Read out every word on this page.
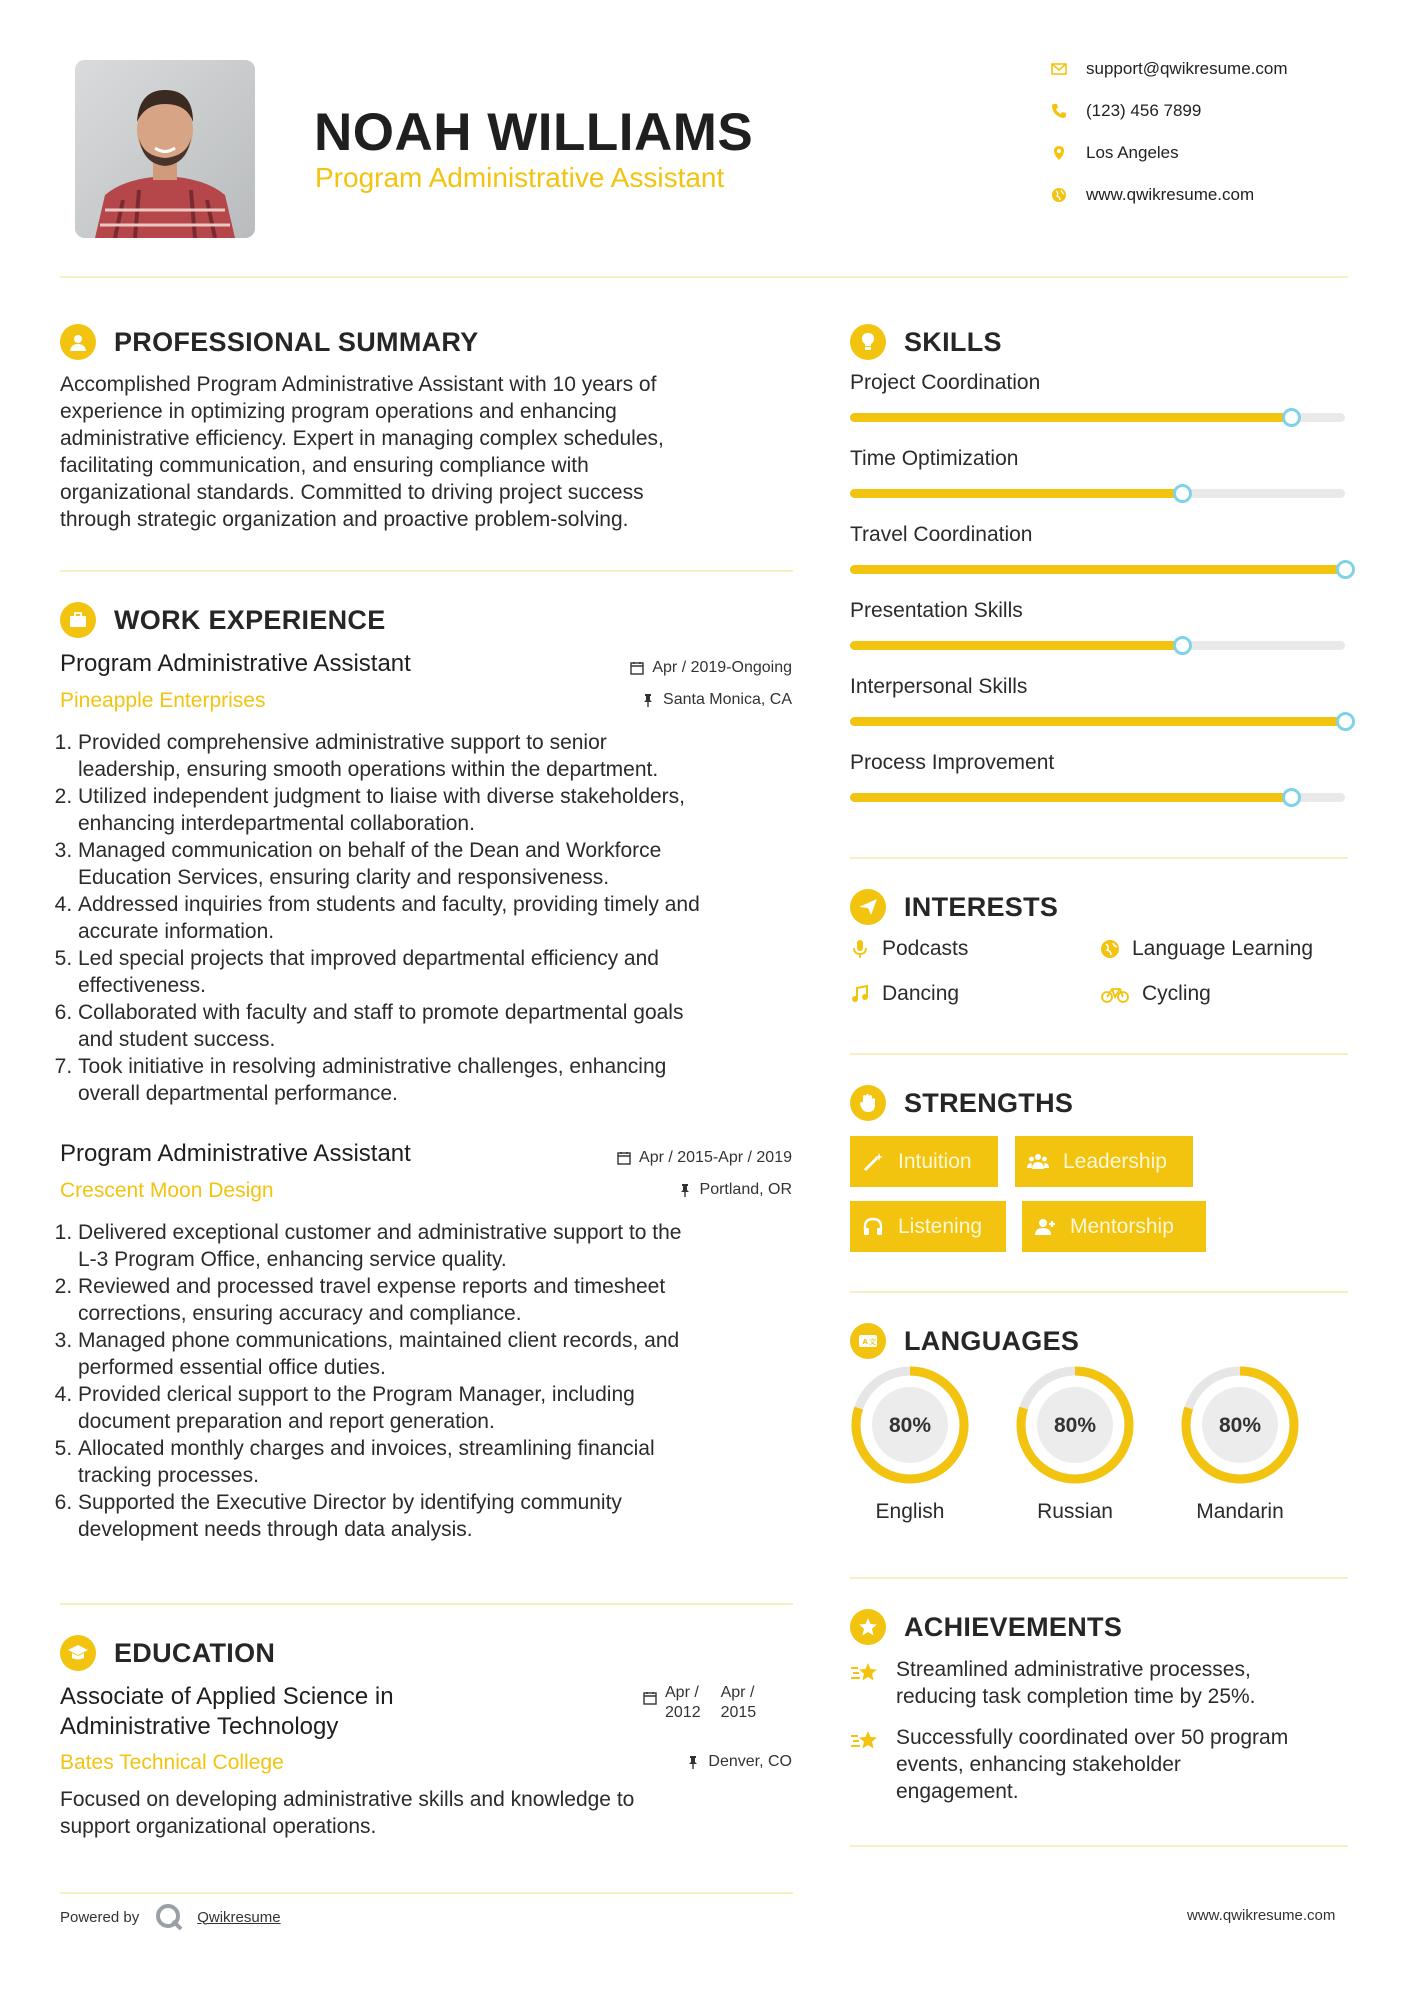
NOAH WILLIAMS
Program Administrative Assistant
support@qwikresume.com
(123) 456 7899
Los Angeles
www.qwikresume.com
PROFESSIONAL SUMMARY
Accomplished Program Administrative Assistant with 10 years of
experience in optimizing program operations and enhancing
administrative efficiency. Expert in managing complex schedules,
facilitating communication, and ensuring compliance with
organizational standards. Committed to driving project success
through strategic organization and proactive problem-solving.
WORK EXPERIENCE
Program Administrative Assistant
Pineapple Enterprises
Apr / 2019-Ongoing
Santa Monica, CA
1. Provided comprehensive administrative support to senior
leadership, ensuring smooth operations within the department.
2. Utilized independent judgment to liaise with diverse stakeholders,
enhancing interdepartmental collaboration.
3. Managed communication on behalf of the Dean and Workforce
Education Services, ensuring clarity and responsiveness.
4. Addressed inquiries from students and faculty, providing timely and
accurate information.
5. Led special projects that improved departmental efficiency and
effectiveness.
6. Collaborated with faculty and staff to promote departmental goals
and student success.
7. Took initiative in resolving administrative challenges, enhancing
overall departmental performance.
Program Administrative Assistant
Crescent Moon Design
Apr / 2015-Apr / 2019
Portland, OR
1. Delivered exceptional customer and administrative support to the
L-3 Program Office, enhancing service quality.
2. Reviewed and processed travel expense reports and timesheet
corrections, ensuring accuracy and compliance.
3. Managed phone communications, maintained client records, and
performed essential office duties.
4. Provided clerical support to the Program Manager, including
document preparation and report generation.
5. Allocated monthly charges and invoices, streamlining financial
tracking processes.
6. Supported the Executive Director by identifying community
development needs through data analysis.
EDUCATION
Associate of Applied Science in
Administrative Technology
Bates Technical College
Apr /
2012
Apr /
2015
Denver, CO
Focused on developing administrative skills and knowledge to
support organizational operations.
Powered by	Qwikresume	www.qwikresume.com
SKILLS
Project Coordination
Time Optimization
Travel Coordination
Presentation Skills
Interpersonal Skills
Process Improvement
INTERESTS
Podcasts	Language Learning
Dancing	Cycling
STRENGTHS
Intuition	Leadership
Listening	Mentorship
A 文 LANGUAGES
80%
English
80%
Russian
80%
Mandarin
ACHIEVEMENTS
Streamlined administrative processes,
reducing task completion time by 25%.
Successfully coordinated over 50 program
events, enhancing stakeholder
engagement.
